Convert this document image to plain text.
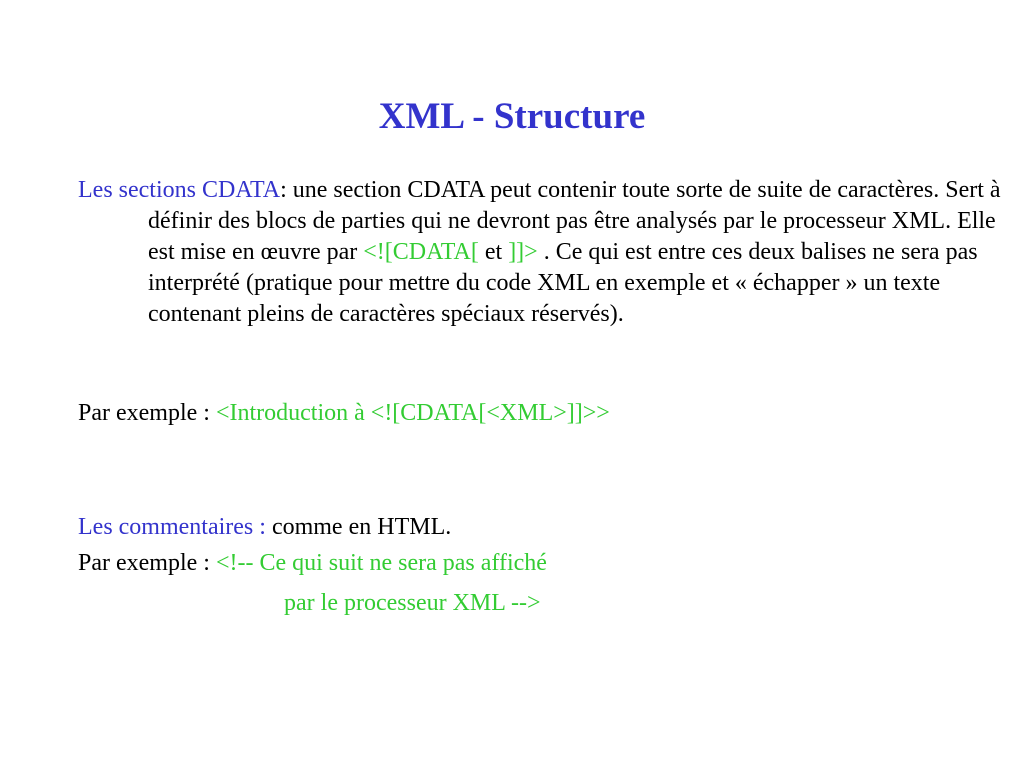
XML - Structure

Les sections CDATA: une section CDATA peut contenir toute sorte de suite de caractères. Sert à définir des blocs de parties qui ne devront pas être analysés par le processeur XML. Elle est mise en œuvre par <![CDATA[ et ]]> . Ce qui est entre ces deux balises ne sera pas interprété (pratique pour mettre du code XML en exemple et « échapper » un texte contenant pleins de caractères spéciaux réservés).

Par exemple : <Introduction à <![CDATA[<XML>]]>>

Les commentaires : comme en HTML.

Par exemple : <!-- Ce qui suit ne sera pas affiché

par le processeur XML -->
